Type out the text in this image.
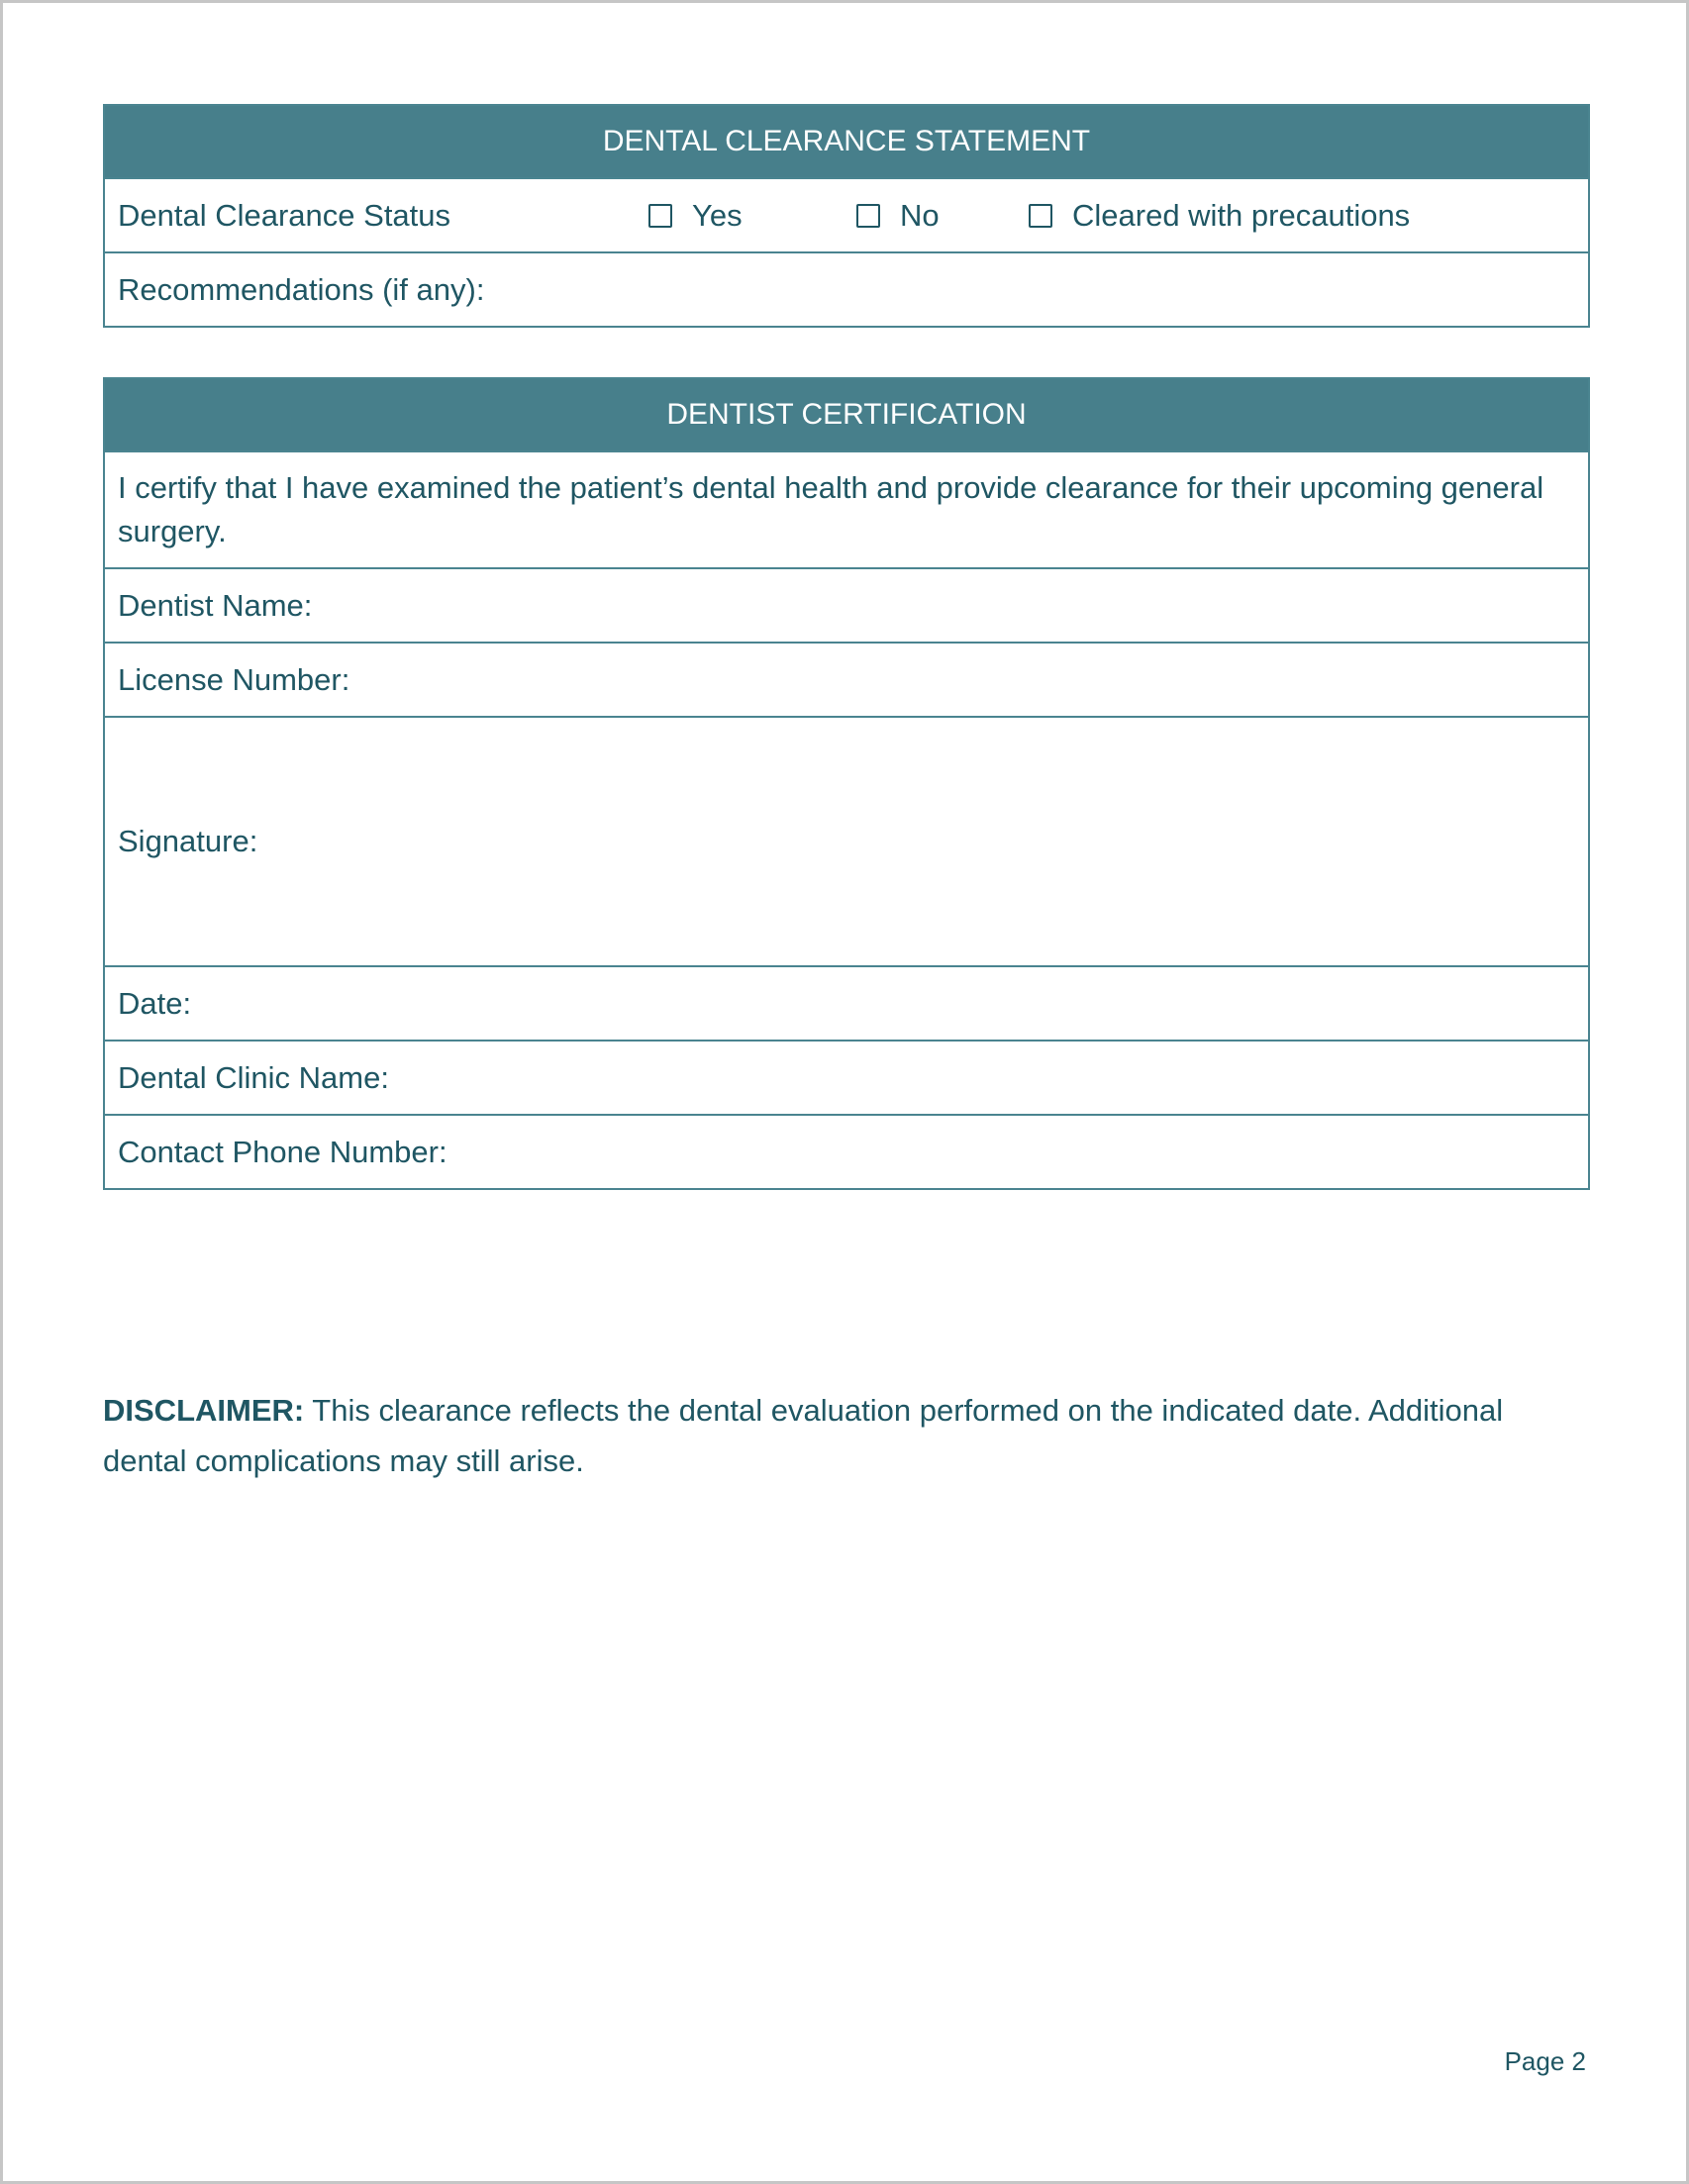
DENTAL CLEARANCE STATEMENT

Dental Clearance Status	Yes	No	Cleared with precautions

Recommendations (if any):
DENTIST CERTIFICATION
I certify that I have examined the patient’s dental health and provide clearance for their upcoming general surgery.
Dentist Name:
License Number:
Signature:
Date:
Dental Clinic Name:
Contact Phone Number:
DISCLAIMER: This clearance reflects the dental evaluation performed on the indicated date. Additional dental complications may still arise.
Page 2
